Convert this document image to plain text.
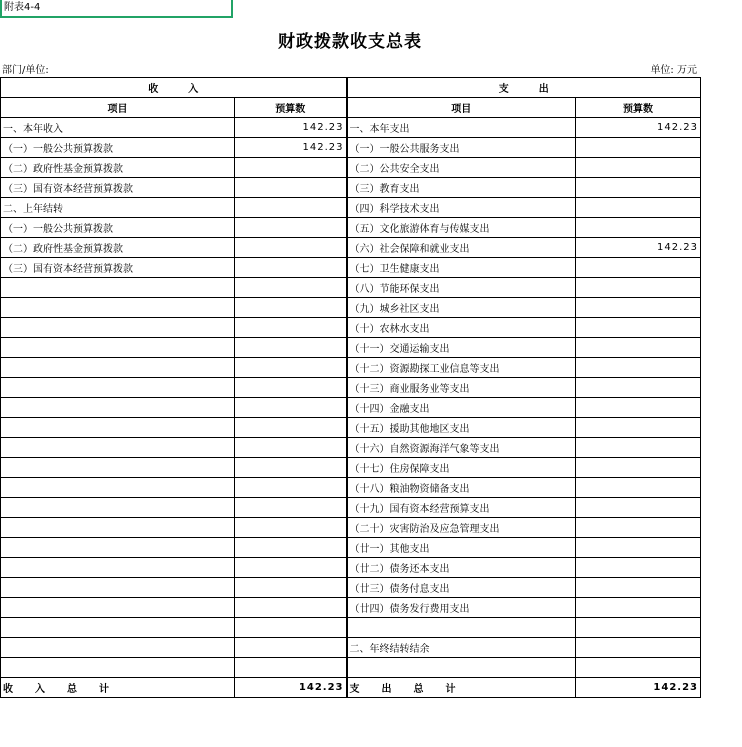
附表4-4
财政拨款收支总表
部门/单位:	单位: 万元
收　　　入		支　　　出	
项目	预算数	项目	预算数
一、本年收入	142.23	一、本年支出	142.23
（一）一般公共预算拨款	142.23	（一）一般公共服务支出	
（二）政府性基金预算拨款		（二）公共安全支出	
（三）国有资本经营预算拨款		（三）教育支出	
二、上年结转		（四）科学技术支出	
（一）一般公共预算拨款		（五）文化旅游体育与传媒支出	
（二）政府性基金预算拨款		（六）社会保障和就业支出	142.23
（三）国有资本经营预算拨款		（七）卫生健康支出	
		（八）节能环保支出	
		（九）城乡社区支出	
		（十）农林水支出	
		（十一）交通运输支出	
		（十二）资源勘探工业信息等支出	
		（十三）商业服务业等支出	
		（十四）金融支出	
		（十五）援助其他地区支出	
		（十六）自然资源海洋气象等支出	
		（十七）住房保障支出	
		（十八）粮油物资储备支出	
		（十九）国有资本经营预算支出	
		（二十）灾害防治及应急管理支出	
		（廿一）其他支出	
		（廿二）债务还本支出	
		（廿三）债务付息支出	
		（廿四）债务发行费用支出	

		二、年终结转结余	

收　入　总　计	142.23	支　出　总　计	142.23
